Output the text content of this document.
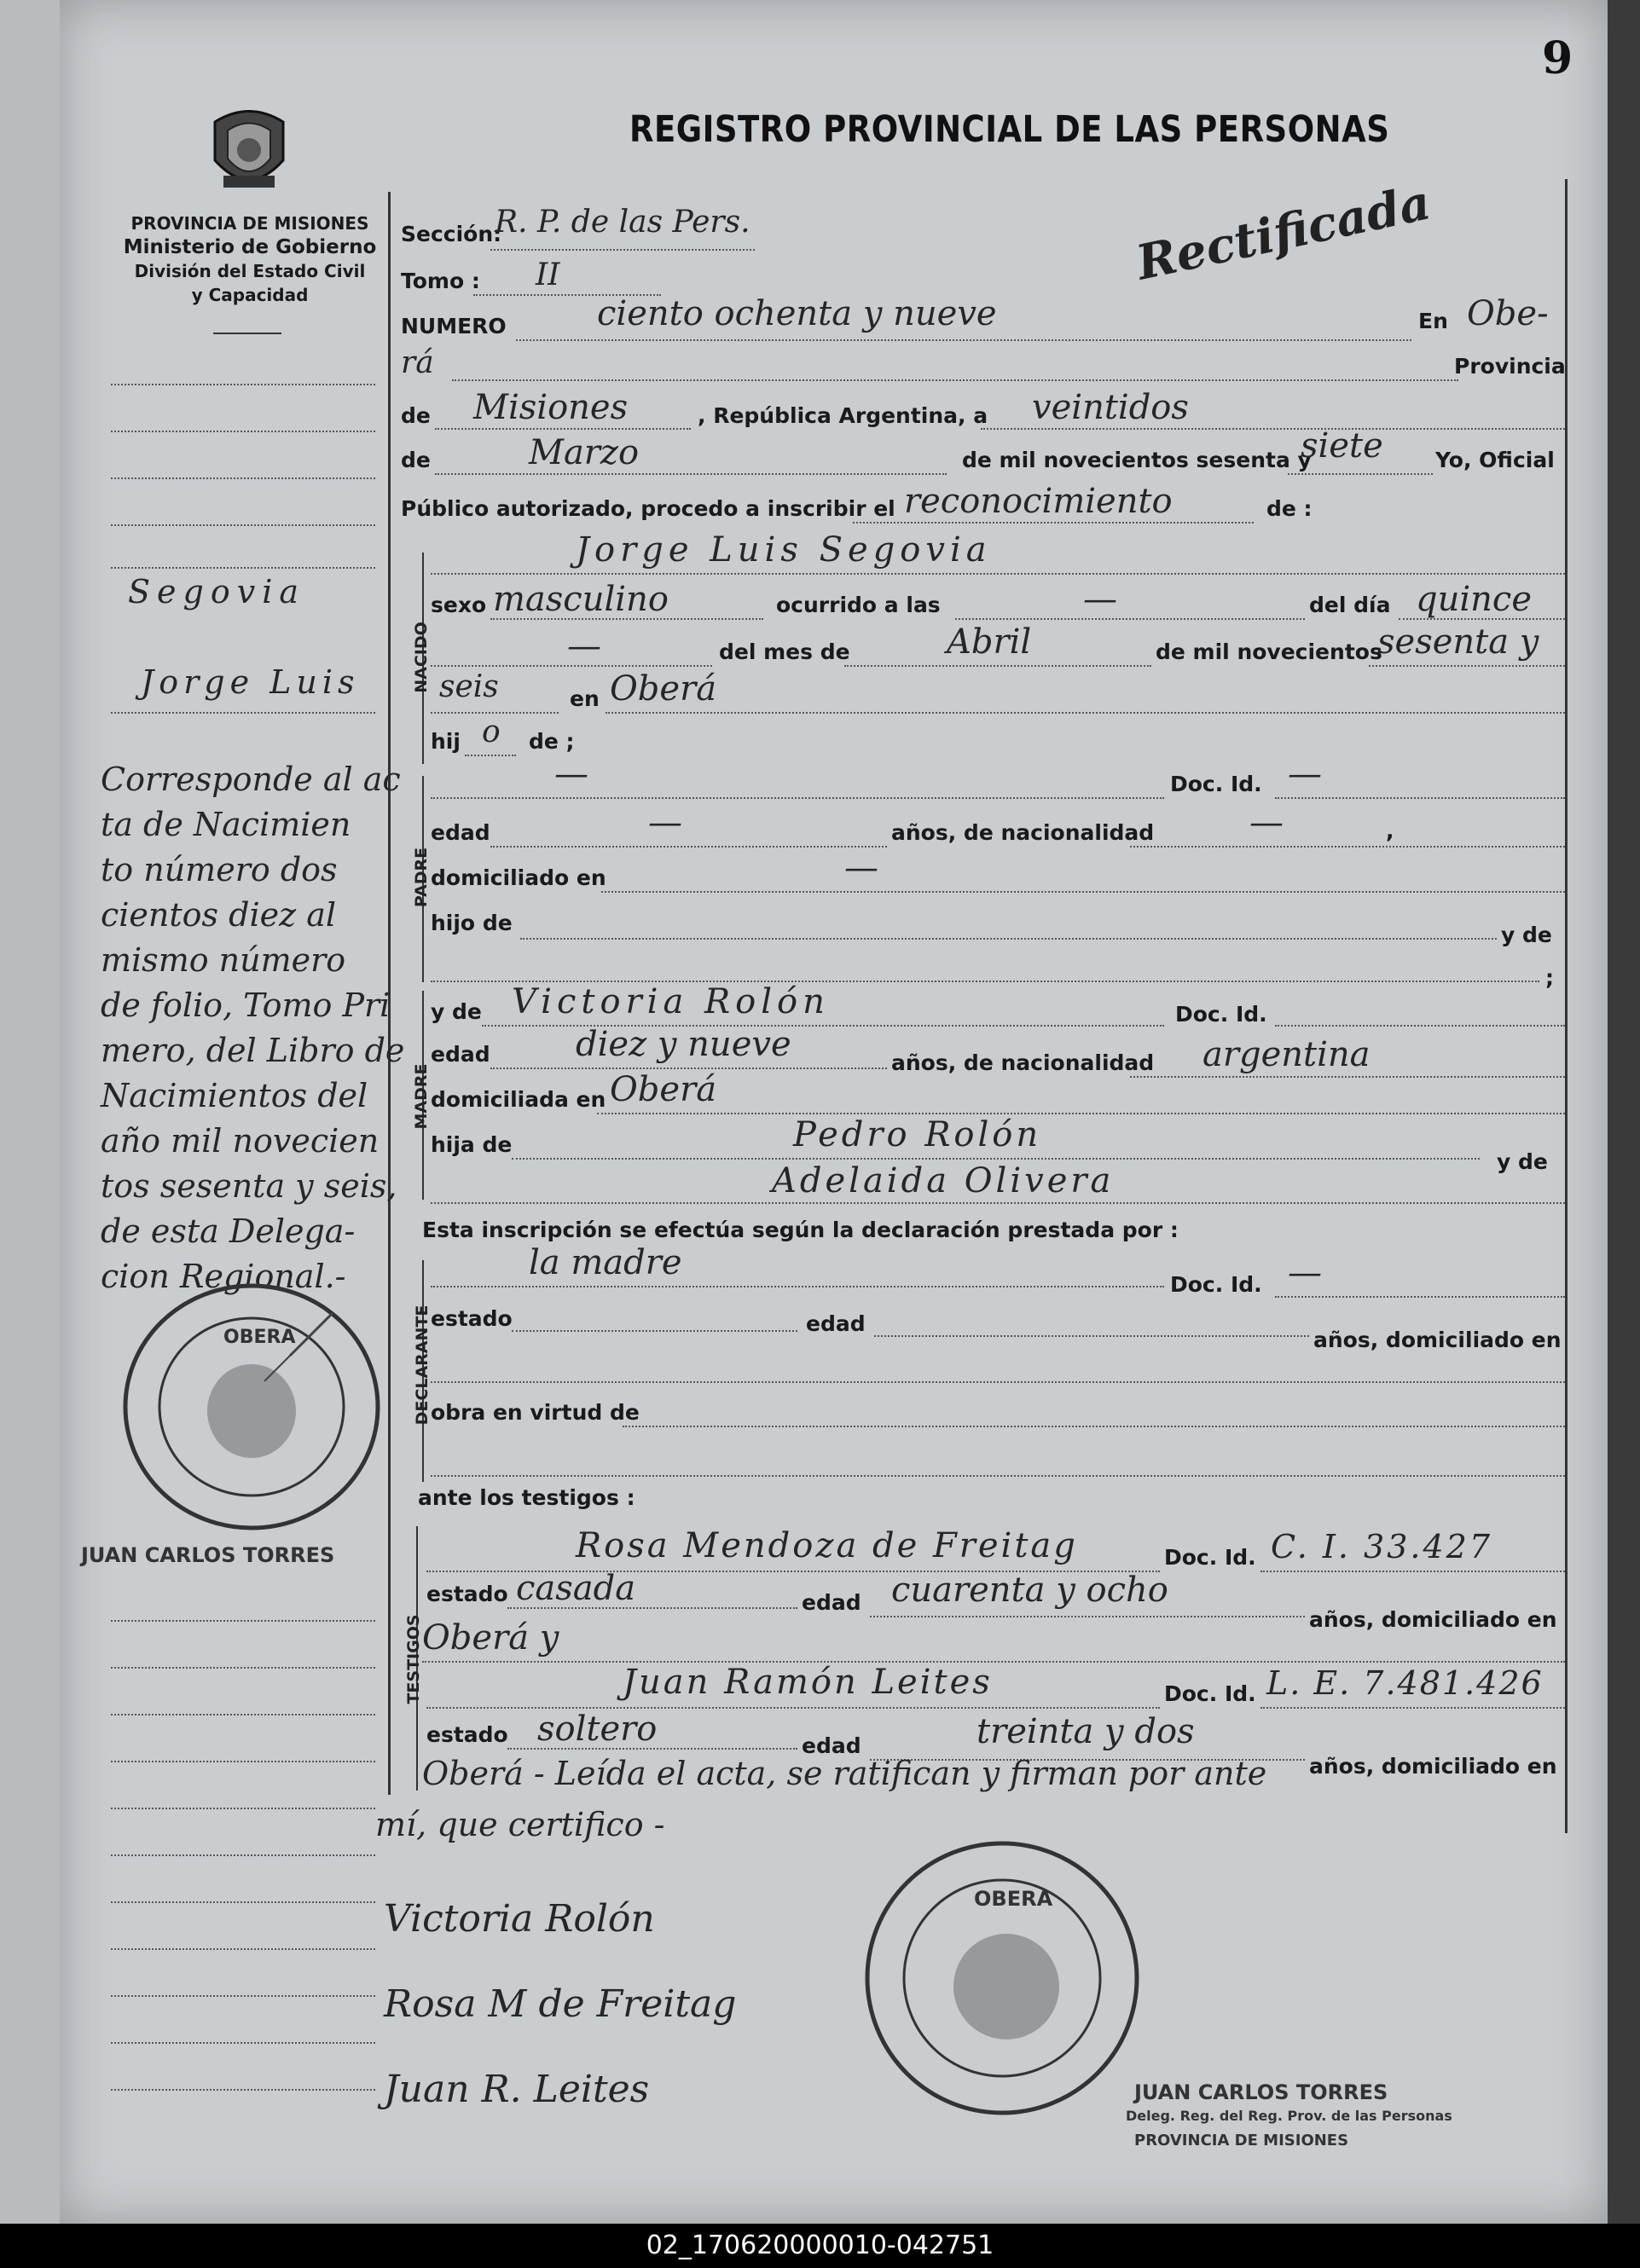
9
REGISTRO PROVINCIAL DE LAS PERSONAS
PROVINCIA DE MISIONES
Ministerio de Gobierno
División del Estado Civil
y Capacidad
Rectificada
Segovia
Jorge Luis
Corresponde al ac
ta de Nacimien
to número dos
cientos diez al
mismo número
de folio, Tomo Pri
mero, del Libro de
Nacimientos del
año mil novecien
tos sesenta y seis,
de esta Delega-
cion Regional.-
OBERA
JUAN CARLOS TORRES
Sección:
R. P. de las Pers.
Tomo : II
NUMERO	ciento ochenta y nueve	En Obe-
rá	Provincia
de Misiones	, República Argentina, a veintidos
de	Marzo	de mil novecientos sesenta y
siete Yo, Oficial
Público autorizado, procedo a inscribir el reconocimiento	de :
NACIDO
Jorge Luis Segovia
sexo masculino	ocurrido a las	—	del día quince
—	del mes de	Abril	de mil novecientos
sesenta y
seis	en Oberá
hij o de ;
PADRE
—	Doc. Id. —
edad	—	años, de nacionalidad	—	,
domiciliado en	—
hijo de	y de
;
MADRE
y de Victoria Rolón	Doc. Id.
edad	diez y nueve	años, de nacionalidad argentina
domiciliada en Oberá
hija de	Pedro Rolón
y de
Adelaida Olivera
Esta inscripción se efectúa según la declaración prestada por :
DECLARANTE
la madre
Doc. Id. —
estado	edad
años, domiciliado en
obra en virtud de
ante los testigos :
TESTIGOS
Rosa Mendoza de Freitag	Doc. Id. C. I. 33.427
estado casada	edad cuarenta y ocho
años, domiciliado en
Oberá y
Juan Ramón Leites	Doc. Id. L. E. 7.481.426
estado soltero	edad	treinta y dos
años, domiciliado en
Oberá - Leída el acta, se ratifican y firman por ante
mí, que certifico -
Victoria Rolón
Rosa M de Freitag
Juan R. Leites
OBERA
JUAN CARLOS TORRES
Deleg. Reg. del Reg. Prov. de las Personas
PROVINCIA DE MISIONES
02_170620000010-042751
